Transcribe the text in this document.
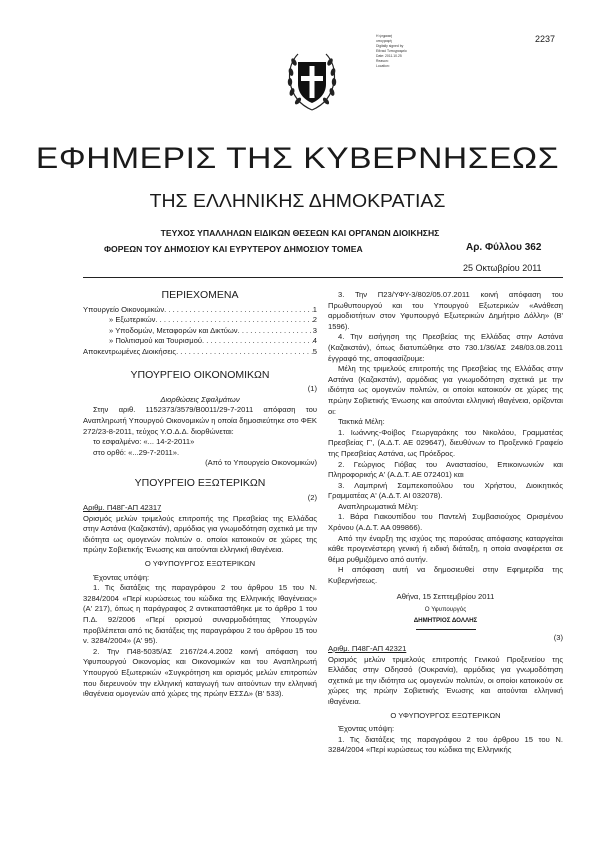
Η ψηφιακή
υπογραφή
Digitally signed by
Εθνικό Τυπογραφείο
Date: 2011.10.25
Reason:
Location:
2237
ΕΦΗΜΕΡΙΣ ΤΗΣ ΚΥΒΕΡΝΗΣΕΩΣ
ΤΗΣ ΕΛΛΗΝΙΚΗΣ ΔΗΜΟΚΡΑΤΙΑΣ
ΤΕΥΧΟΣ ΥΠΑΛΛΗΛΩΝ ΕΙΔΙΚΩΝ ΘΕΣΕΩΝ ΚΑΙ ΟΡΓΑΝΩΝ ΔΙΟΙΚΗΣΗΣ
ΦΟΡΕΩΝ ΤΟΥ ΔΗΜΟΣΙΟΥ ΚΑΙ ΕΥΡΥΤΕΡΟΥ ΔΗΜΟΣΙΟΥ ΤΟΜΕΑ	Αρ. Φύλλου 362
25 Οκτωβρίου 2011
ΠΕΡΙΕΧΟΜΕΝΑ
Υπουργείο Οικονομικών . . .	1
» Εξωτερικών . . .	2
» Υποδομών, Μεταφορών και Δικτύων . . .	3
» Πολιτισμού και Τουρισμού . . .	4
Αποκεντρωμένες Διοικήσεις . . .	5
ΥΠΟΥΡΓΕΙΟ ΟΙΚΟΝΟΜΙΚΩΝ
(1)
Διορθώσεις Σφαλμάτων
Στην αριθ. 1152373/3579/Β0011/29-7-2011 απόφαση του Αναπληρωτή Υπουργού Οικονομικών η οποία δημοσιεύτηκε στο ΦΕΚ 272/23-8-2011, τεύχος Υ.Ο.Δ.Δ. διορθώνεται:
το εσφαλμένο: «... 14-2-2011»
στο ορθό: «...29-7-2011».
(Από το Υπουργείο Οικονομικών)
ΥΠΟΥΡΓΕΙΟ ΕΞΩΤΕΡΙΚΩΝ
(2)
Αριθμ. Π48Γ-ΑΠ 42317
Ορισμός μελών τριμελούς επιτροπής της Πρεσβείας της Ελλάδας στην Αστάνα (Καζακστάν), αρμόδιας για γνωμοδότηση σχετικά με την ιδιότητα ως ομογενών πολιτών ο. οποίοι κατοικούν σε χώρες της πρώην Σοβιετικής Ένωσης και αιτούνται ελληνική ιθαγένεια.
Ο ΥΦΥΠΟΥΡΓΟΣ ΕΞΩΤΕΡΙΚΩΝ
Έχοντας υπόψη:
1. Τις διατάξεις της παραγράφου 2 του άρθρου 15 του Ν. 3284/2004 «Περί κυρώσεως του κώδικα της Ελληνικής Ιθαγένειας» (Α' 217), όπως η παράγραφος 2 αντικαταστάθηκε με το άρθρο 1 του Π.Δ. 92/2006 «Περί ορισμού συναρμοδιότητας Υπουργών προβλέπεται από τις διατάξεις της παραγράφου 2 του άρθρου 15 του ν. 3284/2004» (Α' 95).
2. Την Π48-5035/ΑΣ 2167/24.4.2002 κοινή απόφαση του Υφυπουργού Οικονομίας και Οικονομικών και του Αναπληρωτή Υπουργού Εξωτερικών «Συγκρότηση και ορισμός μελών επιτροπών που διερευνούν την ελληνική καταγωγή των αιτούντων την ελληνική ιθαγένεια ομογενών από χώρες της πρώην ΕΣΣΔ» (Β' 533).
3. Την Π23/ΥΦΥ-3/802/05.07.2011 κοινή απόφαση του Πρωθυπουργού και του Υπουργού Εξωτερικών «Ανάθεση αρμοδιοτήτων στον Υφυπουργό Εξωτερικών Δημήτριο Δόλλη» (Β' 1596).
4. Την εισήγηση της Πρεσβείας της Ελλάδας στην Αστάνα (Καζακστάν), όπως διατυπώθηκε στο 730.1/36/ΑΣ 248/03.08.2011 έγγραφό της, αποφασίζουμε:
Μέλη της τριμελούς επιτροπής της Πρεσβείας της Ελλάδας στην Αστάνα (Καζακστάν), αρμόδιας για γνωμοδότηση σχετικά με την ιδιότητα ως ομογενών πολιτών, οι οποίοι κατοικούν σε χώρες της πρώην Σοβιετικής Ένωσης και αιτούνται ελληνική ιθαγένεια, ορίζονται οι:
Τακτικά Μέλη:
1. Ιωάννης-Φοίβος Γεωργαράκης του Νικολάου, Γραμματέας Πρεσβείας Γ', (Α.Δ.Τ. ΑΕ 029647), διευθύνων το Προξενικό Γραφείο της Πρεσβείας Αστάνα, ως Πρόεδρος.
2. Γεώργιος Γιόβας του Αναστασίου, Επικοινωνιών και Πληροφορικής Α' (Α.Δ.Τ. ΑΕ 072401) και
3. Λαμπρινή Σαμπεκοπούλου του Χρήστου, Διοικητικός Γραμματέας Α' (Α.Δ.Τ. ΑΙ 032078).
Αναπληρωματικά Μέλη:
1. Βάρα Γιακουπίδου του Παντελή Συμβασιούχος Ορισμένου Χρόνου (Α.Δ.Τ. ΑΑ 099866).
Από την έναρξη της ισχύος της παρούσας απόφασης καταργείται κάθε προγενέστερη γενική ή ειδική διάταξη, η οποία αναφέρεται σε θέμα ρυθμιζόμενο από αυτήν.
Η απόφαση αυτή να δημοσιευθεί στην Εφημερίδα της Κυβερνήσεως.
Αθήνα, 15 Σεπτεμβρίου 2011
Ο Υφυπουργός
ΔΗΜΗΤΡΙΟΣ ΔΟΛΛΗΣ
(3)
Αριθμ. Π48Γ-ΑΠ 42321
Ορισμός μελών τριμελούς επιτροπής Γενικού Προξενείου της Ελλάδας στην Οδησσό (Ουκρανία), αρμόδιας για γνωμοδότηση σχετικά με την ιδιότητα ως ομογενών πολιτών, οι οποίοι κατοικούν σε χώρες της πρώην Σοβιετικής Ένωσης και αιτούνται ελληνική ιθαγένεια.
Ο ΥΦΥΠΟΥΡΓΟΣ ΕΞΩΤΕΡΙΚΩΝ
Έχοντας υπόψη:
1. Τις διατάξεις της παραγράφου 2 του άρθρου 15 του Ν. 3284/2004 «Περί κυρώσεως του κώδικα της Ελληνικής
